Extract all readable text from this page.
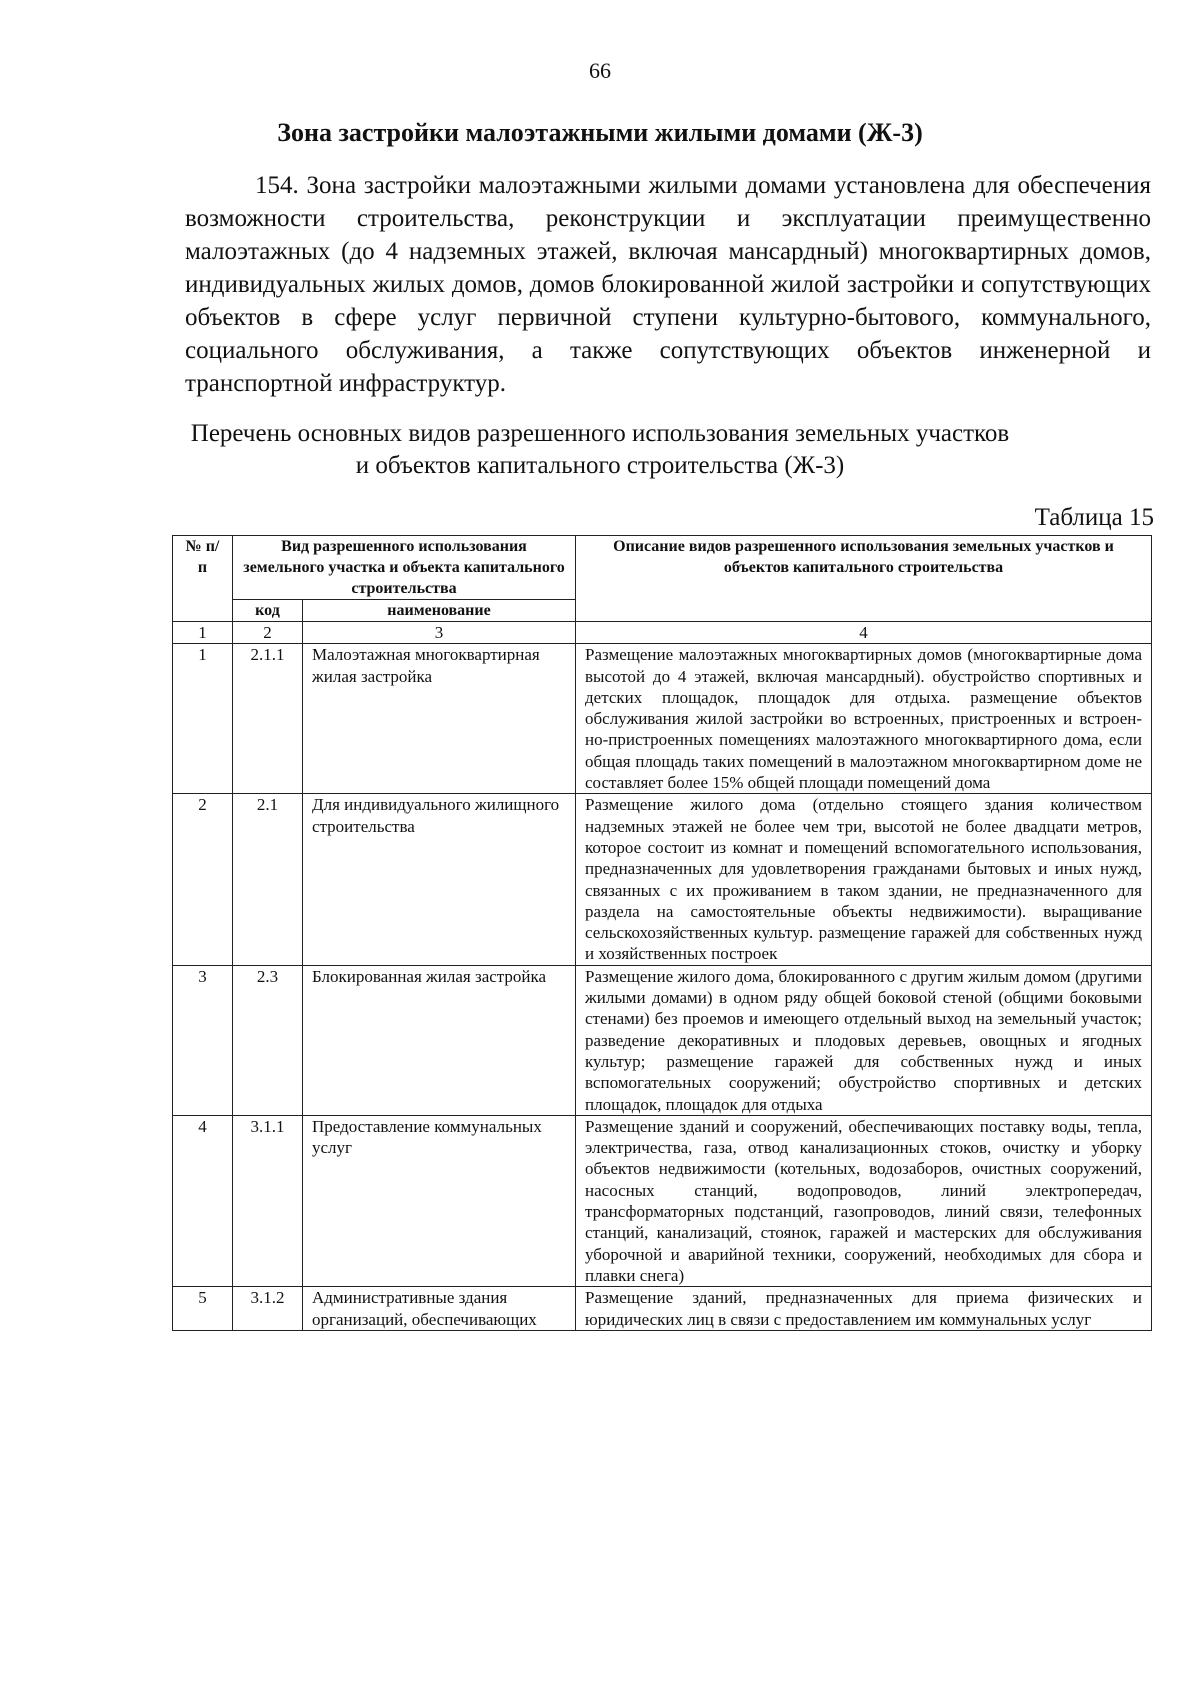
66
Зона застройки малоэтажными жилыми домами (Ж-3)

154. Зона застройки малоэтажными жилыми домами установлена для обеспечения возможности строительства, реконструкции и эксплуатации преимущественно малоэтажных (до 4 надземных этажей, включая мансардный) многоквартирных домов, индивидуальных жилых домов, домов блокированной жилой застройки и сопутствующих объектов в сфере услуг первичной ступени культурно-бытового, коммунального, социального обслуживания, а также сопутствующих объектов инженерной и транспортной инфраструктур.

Перечень основных видов разрешенного использования земельных участков
и объектов капитального строительства (Ж-3)
Таблица 15
№ п/п	Вид разрешенного использования земельного участка и объекта капитального строительства		Описание видов разрешенного использования земельных участков и объектов капитального строительства
	код	наименование	
1	2	3	4
1	2.1.1	Малоэтажная многоквартирная жилая застройка	Размещение малоэтажных многоквартирных домов (многоквартирные дома высотой до 4 этажей, включая мансардный). обустройство спортивных и детских площадок, площадок для отдыха. размещение объектов обслуживания жилой застройки во встроенных, пристроенных и встроен-но-пристроенных помещениях малоэтажного многоквартирного дома, если общая площадь таких помещений в малоэтажном многоквартирном доме не составляет более 15% общей площади помещений дома
2	2.1	Для индивидуального жилищного строительства	Размещение жилого дома (отдельно стоящего здания количеством надземных этажей не более чем три, высотой не более двадцати метров, которое состоит из комнат и помещений вспомогательного использования, предназначенных для удовлетворения гражданами бытовых и иных нужд, связанных с их проживанием в таком здании, не предназначенного для раздела на самостоятельные объекты недвижимости). выращивание сельскохозяйственных культур. размещение гаражей для собственных нужд и хозяйственных построек
3	2.3	Блокированная жилая застройка	Размещение жилого дома, блокированного с другим жилым домом (другими жилыми домами) в одном ряду общей боковой стеной (общими боковыми стенами) без проемов и имеющего отдельный выход на земельный участок; разведение декоративных и плодовых деревьев, овощных и ягодных культур; размещение гаражей для собственных нужд и иных вспомогательных сооружений; обустройство спортивных и детских площадок, площадок для отдыха
4	3.1.1	Предоставление коммунальных услуг	Размещение зданий и сооружений, обеспечивающих поставку воды, тепла, электричества, газа, отвод канализационных стоков, очистку и уборку объектов недвижимости (котельных, водозаборов, очистных сооружений, насосных станций, водопроводов, линий электропередач, трансформаторных подстанций, газопроводов, линий связи, телефонных станций, канализаций, стоянок, гаражей и мастерских для обслуживания уборочной и аварийной техники, сооружений, необходимых для сбора и плавки снега)
5	3.1.2	Административные здания организаций, обеспечивающих	Размещение зданий, предназначенных для приема физических и юридических лиц в связи с предоставлением им коммунальных услуг
